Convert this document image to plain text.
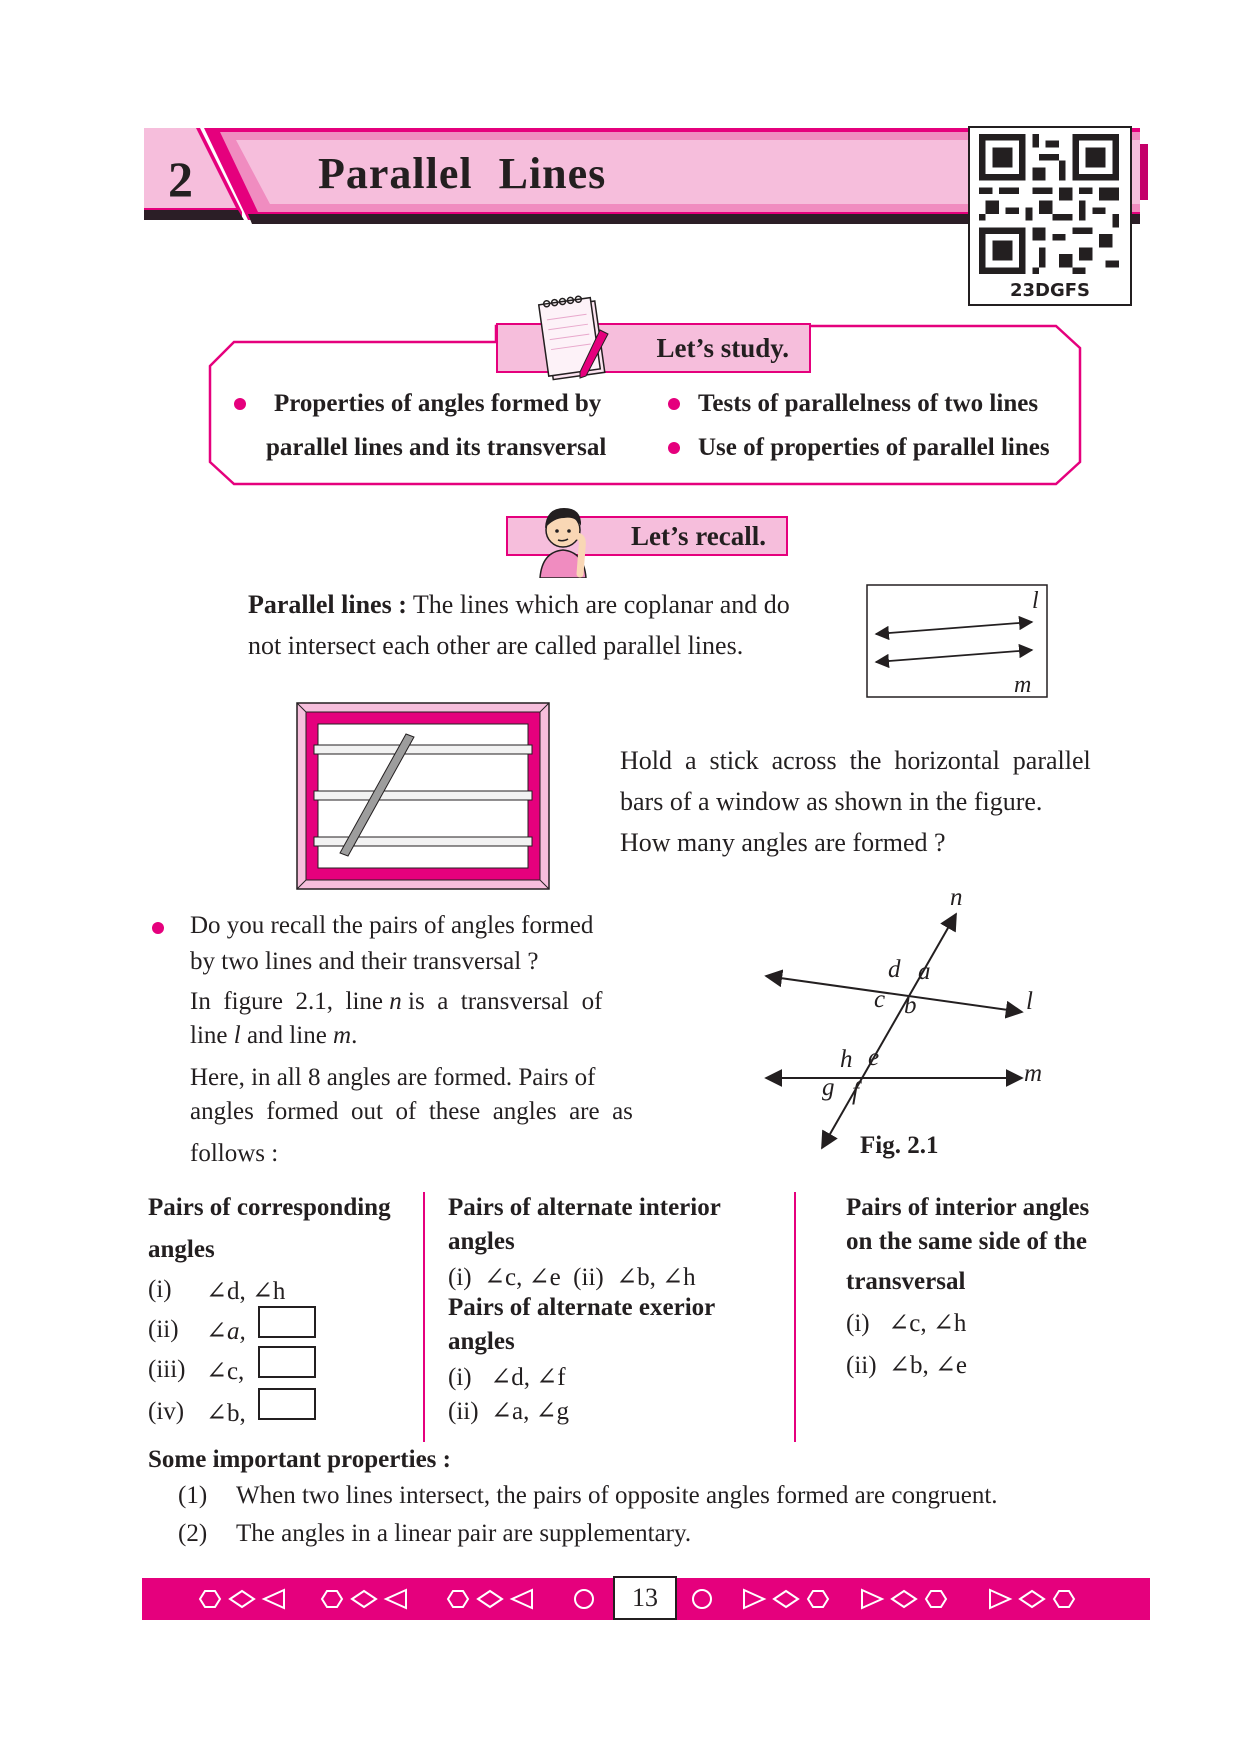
2	Parallel Lines
23DGFS
Let’s study.
Properties of angles formed by
parallel lines and its transversal
Tests of parallelness of two lines
Use of properties of parallel lines
Let’s recall.
Parallel lines : The lines which are coplanar and do
not intersect each other are called parallel lines.
l
m
Hold  a  stick  across  the  horizontal  parallel
bars of a window as shown in the figure.
How many angles are formed ?
Do you recall the pairs of angles formed
by two lines and their transversal ?
In  figure  2.1,  line n is  a  transversal  of
line l and line m.
Here, in all 8 angles are formed. Pairs of
angles  formed  out  of  these  angles  are  as
follows :
n
l
m
d a
c b
h e
g f
Fig. 2.1
Pairs of corresponding
angles
(i) ∠d, ∠h
(ii) ∠a,
(iii) ∠c,
(iv) ∠b,
Pairs of alternate interior
angles
(i)  ∠c, ∠e  (ii)  ∠b, ∠h
Pairs of alternate exerior
angles
(i)   ∠d, ∠f
(ii)  ∠a, ∠g
Pairs of interior angles
on the same side of the
transversal
(i)   ∠c, ∠h
(ii)  ∠b, ∠e
Some important properties :
(1) When two lines intersect, the pairs of opposite angles formed are congruent.
(2) The angles in a linear pair are supplementary.
13
